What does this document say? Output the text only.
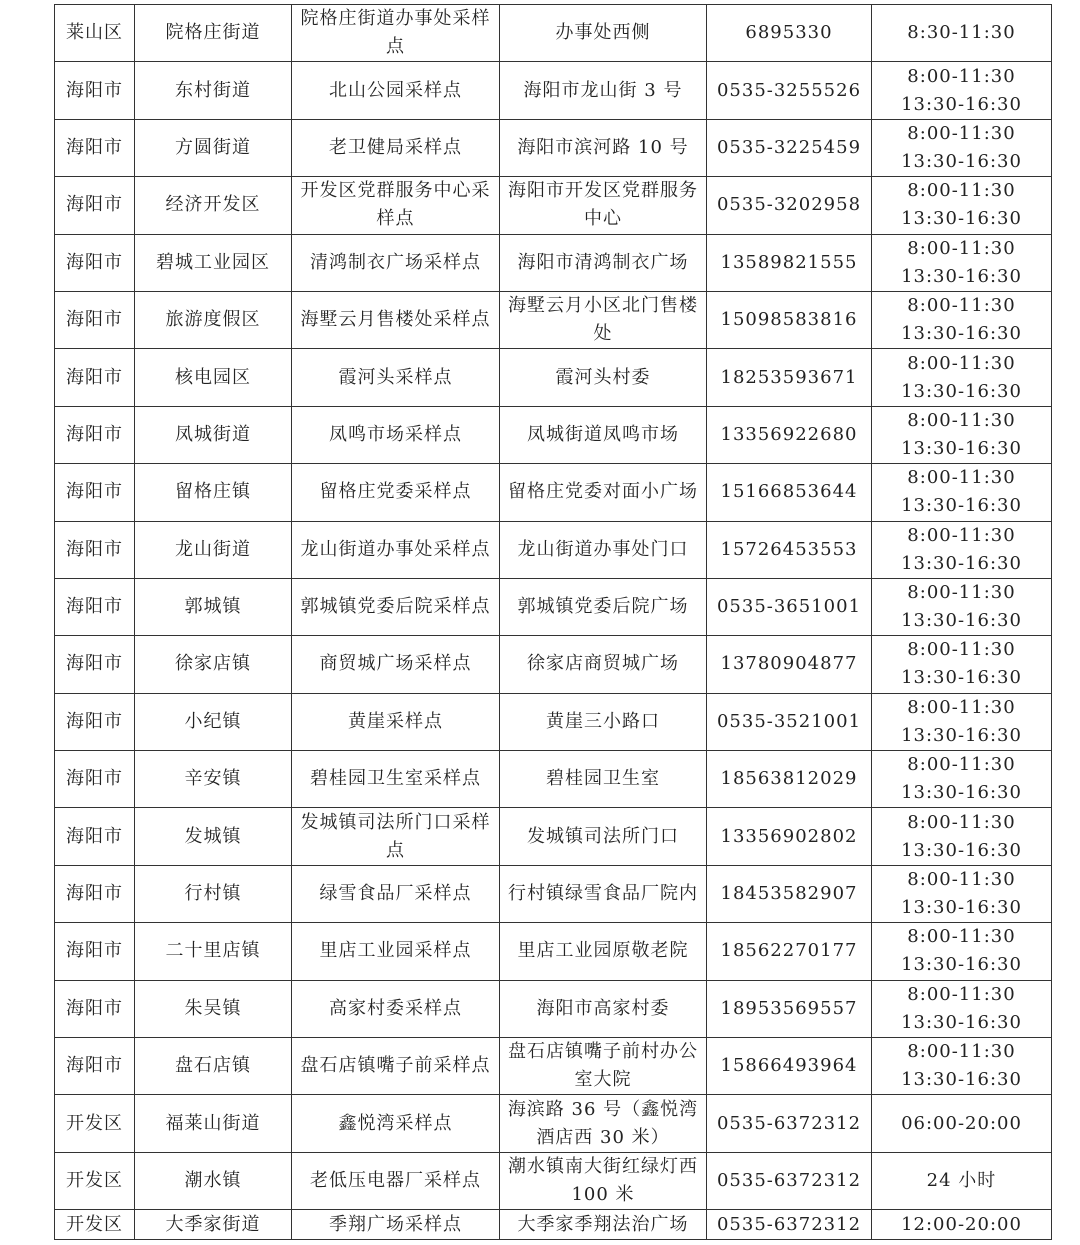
莱山区	院格庄街道	院格庄街道办事处采样点	办事处西侧	6895330	8:30-11:30

海阳市	东村街道	北山公园采样点	海阳市龙山街 3 号	0535-3255526	8:00-11:30
13:30-16:30

海阳市	方圆街道	老卫健局采样点	海阳市滨河路 10 号	0535-3225459	8:00-11:30
13:30-16:30

海阳市	经济开发区	开发区党群服务中心采样点	海阳市开发区党群服务中心	0535-3202958	8:00-11:30
13:30-16:30

海阳市	碧城工业园区	清鸿制衣广场采样点	海阳市清鸿制衣广场	13589821555	8:00-11:30
13:30-16:30

海阳市	旅游度假区	海墅云月售楼处采样点	海墅云月小区北门售楼处	15098583816	8:00-11:30
13:30-16:30

海阳市	核电园区	霞河头采样点	霞河头村委	18253593671	8:00-11:30
13:30-16:30

海阳市	凤城街道	凤鸣市场采样点	凤城街道凤鸣市场	13356922680	8:00-11:30
13:30-16:30

海阳市	留格庄镇	留格庄党委采样点	留格庄党委对面小广场	15166853644	8:00-11:30
13:30-16:30

海阳市	龙山街道	龙山街道办事处采样点	龙山街道办事处门口	15726453553	8:00-11:30
13:30-16:30

海阳市	郭城镇	郭城镇党委后院采样点	郭城镇党委后院广场	0535-3651001	8:00-11:30
13:30-16:30

海阳市	徐家店镇	商贸城广场采样点	徐家店商贸城广场	13780904877	8:00-11:30
13:30-16:30

海阳市	小纪镇	黄崖采样点	黄崖三小路口	0535-3521001	8:00-11:30
13:30-16:30

海阳市	辛安镇	碧桂园卫生室采样点	碧桂园卫生室	18563812029	8:00-11:30
13:30-16:30

海阳市	发城镇	发城镇司法所门口采样点	发城镇司法所门口	13356902802	8:00-11:30
13:30-16:30

海阳市	行村镇	绿雪食品厂采样点	行村镇绿雪食品厂院内	18453582907	8:00-11:30
13:30-16:30

海阳市	二十里店镇	里店工业园采样点	里店工业园原敬老院	18562270177	8:00-11:30
13:30-16:30

海阳市	朱吴镇	高家村委采样点	海阳市高家村委	18953569557	8:00-11:30
13:30-16:30

海阳市	盘石店镇	盘石店镇嘴子前采样点	盘石店镇嘴子前村办公室大院	15866493964	8:00-11:30
13:30-16:30

开发区	福莱山街道	鑫悦湾采样点	海滨路 36 号（鑫悦湾酒店西 30 米）	0535-6372312	06:00-20:00

开发区	潮水镇	老低压电器厂采样点	潮水镇南大街红绿灯西 100 米	0535-6372312	24 小时

开发区	大季家街道	季翔广场采样点	大季家季翔法治广场	0535-6372312	12:00-20:00
